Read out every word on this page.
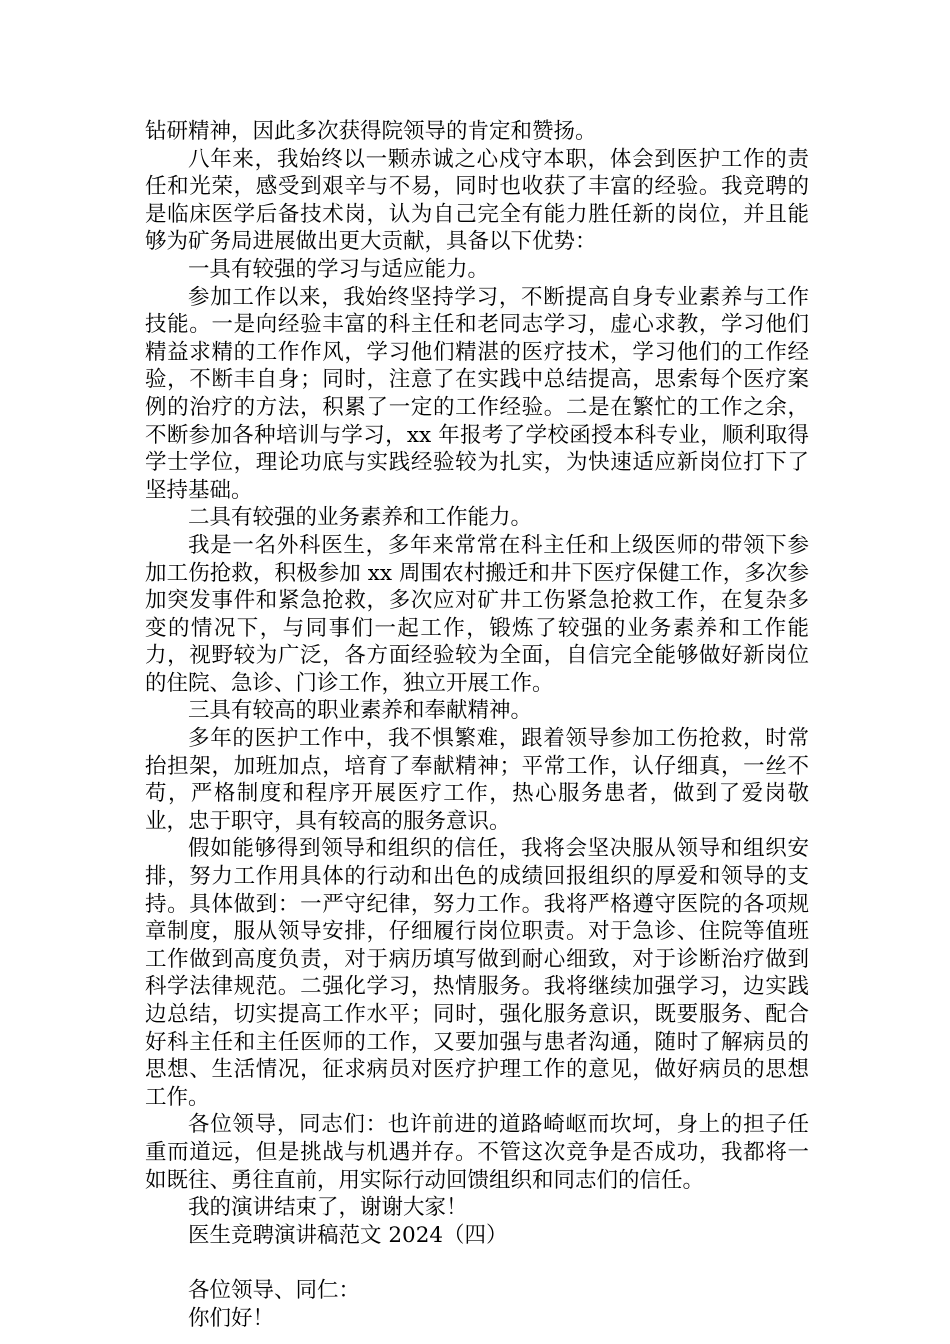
钻研精神，因此多次获得院领导的肯定和赞扬。

八年来，我始终以一颗赤诚之心戍守本职，体会到医护工作的责任和光荣，感受到艰辛与不易，同时也收获了丰富的经验。我竞聘的是临床医学后备技术岗，认为自己完全有能力胜任新的岗位，并且能够为矿务局进展做出更大贡献，具备以下优势：

一具有较强的学习与适应能力。

参加工作以来，我始终坚持学习，不断提高自身专业素养与工作技能。一是向经验丰富的科主任和老同志学习，虚心求教，学习他们精益求精的工作作风，学习他们精湛的医疗技术，学习他们的工作经验，不断丰自身；同时，注意了在实践中总结提高，思索每个医疗案例的治疗的方法，积累了一定的工作经验。二是在繁忙的工作之余，不断参加各种培训与学习，xx 年报考了学校函授本科专业，顺利取得学士学位，理论功底与实践经验较为扎实，为快速适应新岗位打下了坚持基础。

二具有较强的业务素养和工作能力。

我是一名外科医生，多年来常常在科主任和上级医师的带领下参加工伤抢救，积极参加 xx 周围农村搬迁和井下医疗保健工作，多次参加突发事件和紧急抢救，多次应对矿井工伤紧急抢救工作，在复杂多变的情况下，与同事们一起工作，锻炼了较强的业务素养和工作能力，视野较为广泛，各方面经验较为全面，自信完全能够做好新岗位的住院、急诊、门诊工作，独立开展工作。

三具有较高的职业素养和奉献精神。

多年的医护工作中，我不惧繁难，跟着领导参加工伤抢救，时常抬担架，加班加点，培育了奉献精神；平常工作，认仔细真，一丝不苟，严格制度和程序开展医疗工作，热心服务患者，做到了爱岗敬业，忠于职守，具有较高的服务意识。

假如能够得到领导和组织的信任，我将会坚决服从领导和组织安排，努力工作用具体的行动和出色的成绩回报组织的厚爱和领导的支持。具体做到：一严守纪律，努力工作。我将严格遵守医院的各项规章制度，服从领导安排，仔细履行岗位职责。对于急诊、住院等值班工作做到高度负责，对于病历填写做到耐心细致，对于诊断治疗做到科学法律规范。二强化学习，热情服务。我将继续加强学习，边实践边总结，切实提高工作水平；同时，强化服务意识，既要服务、配合好科主任和主任医师的工作，又要加强与患者沟通，随时了解病员的思想、生活情况，征求病员对医疗护理工作的意见，做好病员的思想工作。

各位领导，同志们：也许前进的道路崎岖而坎坷，身上的担子任重而道远，但是挑战与机遇并存。不管这次竞争是否成功，我都将一如既往、勇往直前，用实际行动回馈组织和同志们的信任。

我的演讲结束了，谢谢大家！

医生竞聘演讲稿范文 2024（四）

各位领导、同仁：

你们好！
